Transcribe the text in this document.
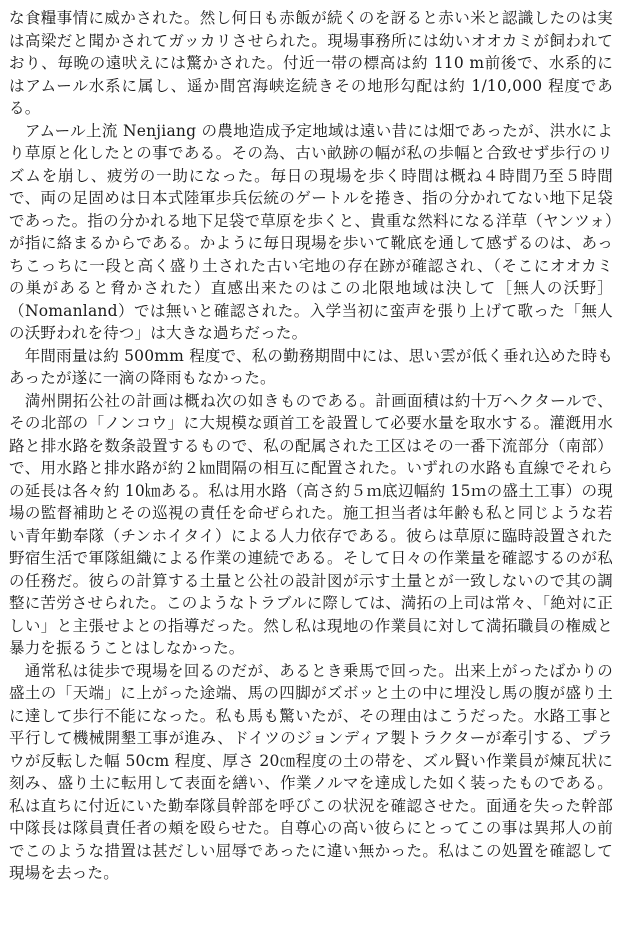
な食糧事情に威かされた。然し何日も赤飯が続くのを訝ると赤い米と認識したのは実は高梁だと聞かされてガッカリさせられた。現場事務所には幼いオオカミが飼われており、毎晩の遠吠えには驚かされた。付近一帯の標高は約 110 m前後で、水系的にはアムール水系に属し、遥か間宮海峡迄続きその地形勾配は約 1/10,000 程度である。

　アムール上流 Nenjiang の農地造成予定地域は遠い昔には畑であったが、洪水により草原と化したとの事である。その為、古い畝跡の幅が私の歩幅と合致せず歩行のリズムを崩し、疲労の一助になった。毎日の現場を歩く時間は概ね４時間乃至５時間で、両の足固めは日本式陸軍歩兵伝統のゲートルを捲き、指の分かれてない地下足袋であった。指の分かれる地下足袋で草原を歩くと、貴重な然料になる洋草（ヤンツォ）が指に絡まるからである。かように毎日現場を歩いて靴底を通して感ずるのは、あっちこっちに一段と高く盛り土された古い宅地の存在跡が確認され、（そこにオオカミの巣があると脅かされた）直感出来たのはこの北限地域は決して［無人の沃野］（Nomanland）では無いと確認された。入学当初に蛮声を張り上げて歌った「無人の沃野われを待つ」は大きな過ちだった。

　年間雨量は約 500mm 程度で、私の勤務期間中には、思い雲が低く垂れ込めた時もあったが遂に一滴の降雨もなかった。

　満州開拓公社の計画は概ね次の如きものである。計画面積は約十万ヘクタールで、その北部の「ノンコウ」に大規模な頭首工を設置して必要水量を取水する。灌漑用水路と排水路を数条設置するもので、私の配属された工区はその一番下流部分（南部）で、用水路と排水路が約２㎞間隔の相互に配置された。いずれの水路も直線でそれらの延長は各々約 10㎞ある。私は用水路（高さ約５ｍ底辺幅約 15ｍの盛土工事）の現場の監督補助とその巡視の責任を命ぜられた。施工担当者は年齢も私と同じような若い青年勤奉隊（チンホイタイ）による人力依存である。彼らは草原に臨時設置された野宿生活で軍隊組織による作業の連続である。そして日々の作業量を確認するのが私の任務だ。彼らの計算する土量と公社の設計図が示す土量とが一致しないので其の調整に苦労させられた。このようなトラブルに際しては、満拓の上司は常々、「絶対に正しい」と主張せよとの指導だった。然し私は現地の作業員に対して満拓職員の権威と暴力を振るうことはしなかった。

　通常私は徒歩で現場を回るのだが、あるとき乗馬で回った。出来上がったばかりの盛土の「天端」に上がった途端、馬の四脚がズボッと土の中に埋没し馬の腹が盛り土に達して歩行不能になった。私も馬も驚いたが、その理由はこうだった。水路工事と平行して機械開墾工事が進み、ドイツのジョンディア製トラクターが牽引する、プラウが反転した幅 50cm 程度、厚さ 20㎝程度の土の帯を、ズル賢い作業員が煉瓦状に刻み、盛り土に転用して表面を繕い、作業ノルマを達成した如く装ったものである。私は直ちに付近にいた勤奉隊員幹部を呼びこの状況を確認させた。面通を失った幹部中隊長は隊員責任者の頬を殴らせた。自尊心の高い彼らにとってこの事は異邦人の前でこのような措置は甚だしい屈辱であったに違い無かった。私はこの処置を確認して現場を去った。
